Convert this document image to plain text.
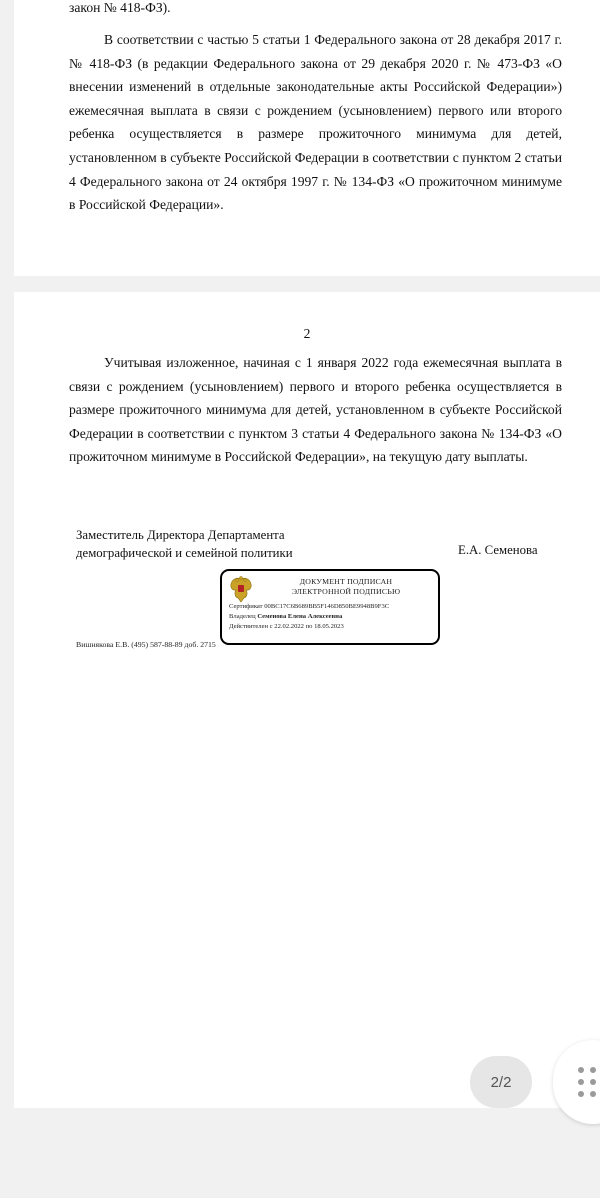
закон № 418-ФЗ).

В соответствии с частью 5 статьи 1 Федерального закона от 28 декабря 2017 г. № 418-ФЗ (в редакции Федерального закона от 29 декабря 2020 г. № 473-ФЗ «О внесении изменений в отдельные законодательные акты Российской Федерации») ежемесячная выплата в связи с рождением (усыновлением) первого или второго ребенка осуществляется в размере прожиточного минимума для детей, установленном в субъекте Российской Федерации в соответствии с пунктом 2 статьи 4 Федерального закона от 24 октября 1997 г. № 134-ФЗ «О прожиточном минимуме в Российской Федерации».

2

Учитывая изложенное, начиная с 1 января 2022 года ежемесячная выплата в связи с рождением (усыновлением) первого и второго ребенка осуществляется в размере прожиточного минимума для детей, установленном в субъекте Российской Федерации в соответствии с пунктом 3 статьи 4 Федерального закона № 134-ФЗ «О прожиточном минимуме в Российской Федерации», на текущую дату выплаты.

Заместитель Директора Департамента
демографической и семейной политики	Е.А. Семенова
ДОКУМЕНТ ПОДПИСАН
ЭЛЕКТРОННОЙ ПОДПИСЬЮ
Сертификат 00BC17C6B689BB5F146D850BE9948B9F3C
Владелец Семенова Елена Алексеевна
Действителен с 22.02.2022 по 18.05.2023
Вишнякова Е.В. (495) 587-88-89 доб. 2715
2/2
